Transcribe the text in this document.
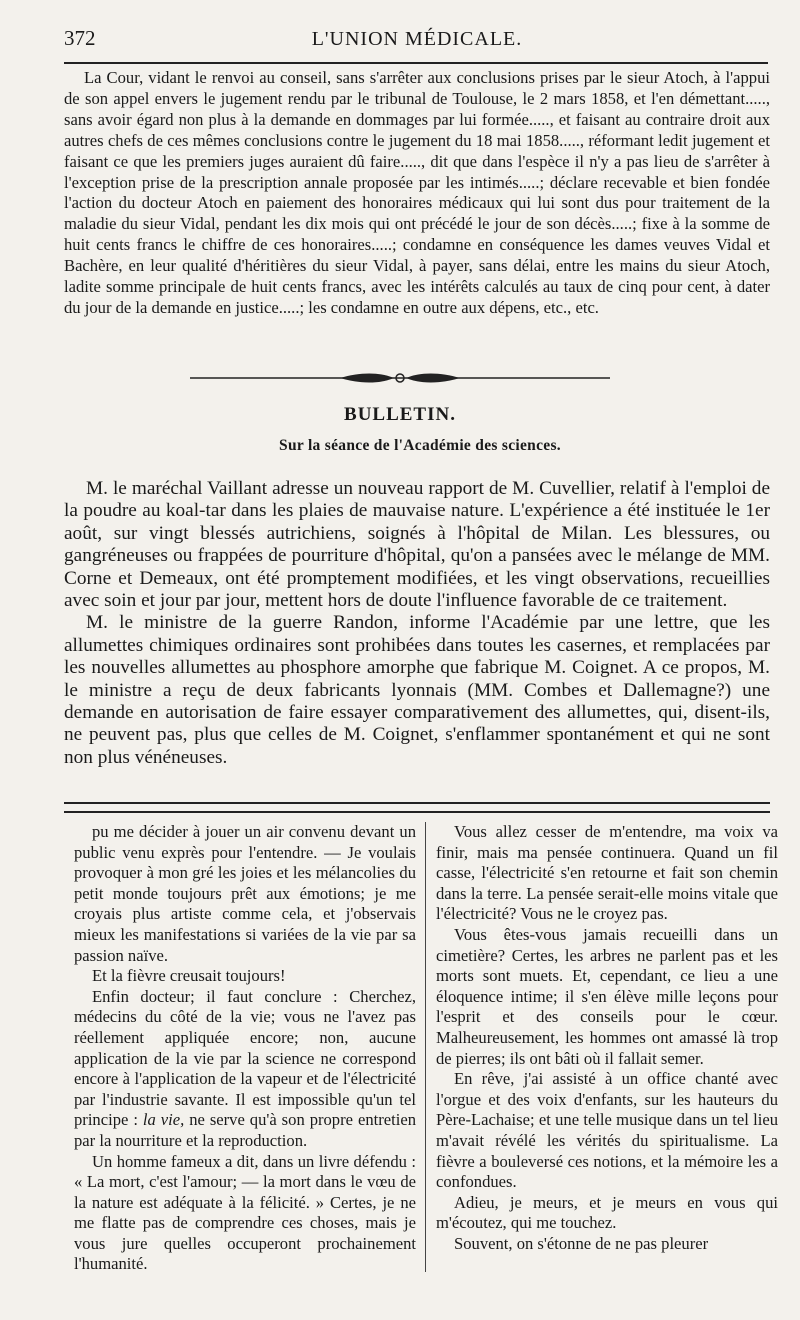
372	L'UNION MÉDICALE.

La Cour, vidant le renvoi au conseil, sans s'arrêter aux conclusions prises par le sieur Atoch, à l'appui de son appel envers le jugement rendu par le tribunal de Toulouse, le 2 mars 1858, et l'en démettant....., sans avoir égard non plus à la demande en dommages par lui formée....., et faisant au contraire droit aux autres chefs de ces mêmes conclusions contre le jugement du 18 mai 1858....., réformant ledit jugement et faisant ce que les premiers juges auraient dû faire....., dit que dans l'espèce il n'y a pas lieu de s'arrêter à l'exception prise de la prescription annale proposée par les intimés.....; déclare recevable et bien fondée l'action du docteur Atoch en paiement des honoraires médicaux qui lui sont dus pour traitement de la maladie du sieur Vidal, pendant les dix mois qui ont précédé le jour de son décès.....; fixe à la somme de huit cents francs le chiffre de ces honoraires.....; condamne en conséquence les dames veuves Vidal et Bachère, en leur qualité d'héritières du sieur Vidal, à payer, sans délai, entre les mains du sieur Atoch, ladite somme principale de huit cents francs, avec les intérêts calculés au taux de cinq pour cent, à dater du jour de la demande en justice.....; les condamne en outre aux dépens, etc., etc.

BULLETIN.
Sur la séance de l'Académie des sciences.

M. le maréchal Vaillant adresse un nouveau rapport de M. Cuvellier, relatif à l'emploi de la poudre au koal-tar dans les plaies de mauvaise nature. L'expérience a été instituée le 1er août, sur vingt blessés autrichiens, soignés à l'hôpital de Milan. Les blessures, ou gangréneuses ou frappées de pourriture d'hôpital, qu'on a pansées avec le mélange de MM. Corne et Demeaux, ont été promptement modifiées, et les vingt observations, recueillies avec soin et jour par jour, mettent hors de doute l'influence favorable de ce traitement.

M. le ministre de la guerre Randon, informe l'Académie par une lettre, que les allumettes chimiques ordinaires sont prohibées dans toutes les casernes, et remplacées par les nouvelles allumettes au phosphore amorphe que fabrique M. Coignet. A ce propos, M. le ministre a reçu de deux fabricants lyonnais (MM. Combes et Dallemagne?) une demande en autorisation de faire essayer comparativement des allumettes, qui, disent-ils, ne peuvent pas, plus que celles de M. Coignet, s'enflammer spontanément et qui ne sont non plus vénéneuses.

pu me décider à jouer un air convenu devant un public venu exprès pour l'entendre. — Je voulais provoquer à mon gré les joies et les mélancolies du petit monde toujours prêt aux émotions; je me croyais plus artiste comme cela, et j'observais mieux les manifestations si variées de la vie par sa passion naïve.

Et la fièvre creusait toujours!

Enfin docteur; il faut conclure : Cherchez, médecins du côté de la vie; vous ne l'avez pas réellement appliquée encore; non, aucune application de la vie par la science ne correspond encore à l'application de la vapeur et de l'électricité par l'industrie savante. Il est impossible qu'un tel principe : la vie, ne serve qu'à son propre entretien par la nourriture et la reproduction.

Un homme fameux a dit, dans un livre défendu : « La mort, c'est l'amour; — la mort dans le vœu de la nature est adéquate à la félicité. » Certes, je ne me flatte pas de comprendre ces choses, mais je vous jure quelles occuperont prochainement l'humanité.

Vous allez cesser de m'entendre, ma voix va finir, mais ma pensée continuera. Quand un fil casse, l'électricité s'en retourne et fait son chemin dans la terre. La pensée serait-elle moins vitale que l'électricité? Vous ne le croyez pas.

Vous êtes-vous jamais recueilli dans un cimetière? Certes, les arbres ne parlent pas et les morts sont muets. Et, cependant, ce lieu a une éloquence intime; il s'en élève mille leçons pour l'esprit et des conseils pour le cœur. Malheureusement, les hommes ont amassé là trop de pierres; ils ont bâti où il fallait semer.

En rêve, j'ai assisté à un office chanté avec l'orgue et des voix d'enfants, sur les hauteurs du Père-Lachaise; et une telle musique dans un tel lieu m'avait révélé les vérités du spiritualisme. La fièvre a bouleversé ces notions, et la mémoire les a confondues.

Adieu, je meurs, et je meurs en vous qui m'écoutez, qui me touchez.

Souvent, on s'étonne de ne pas pleurer
